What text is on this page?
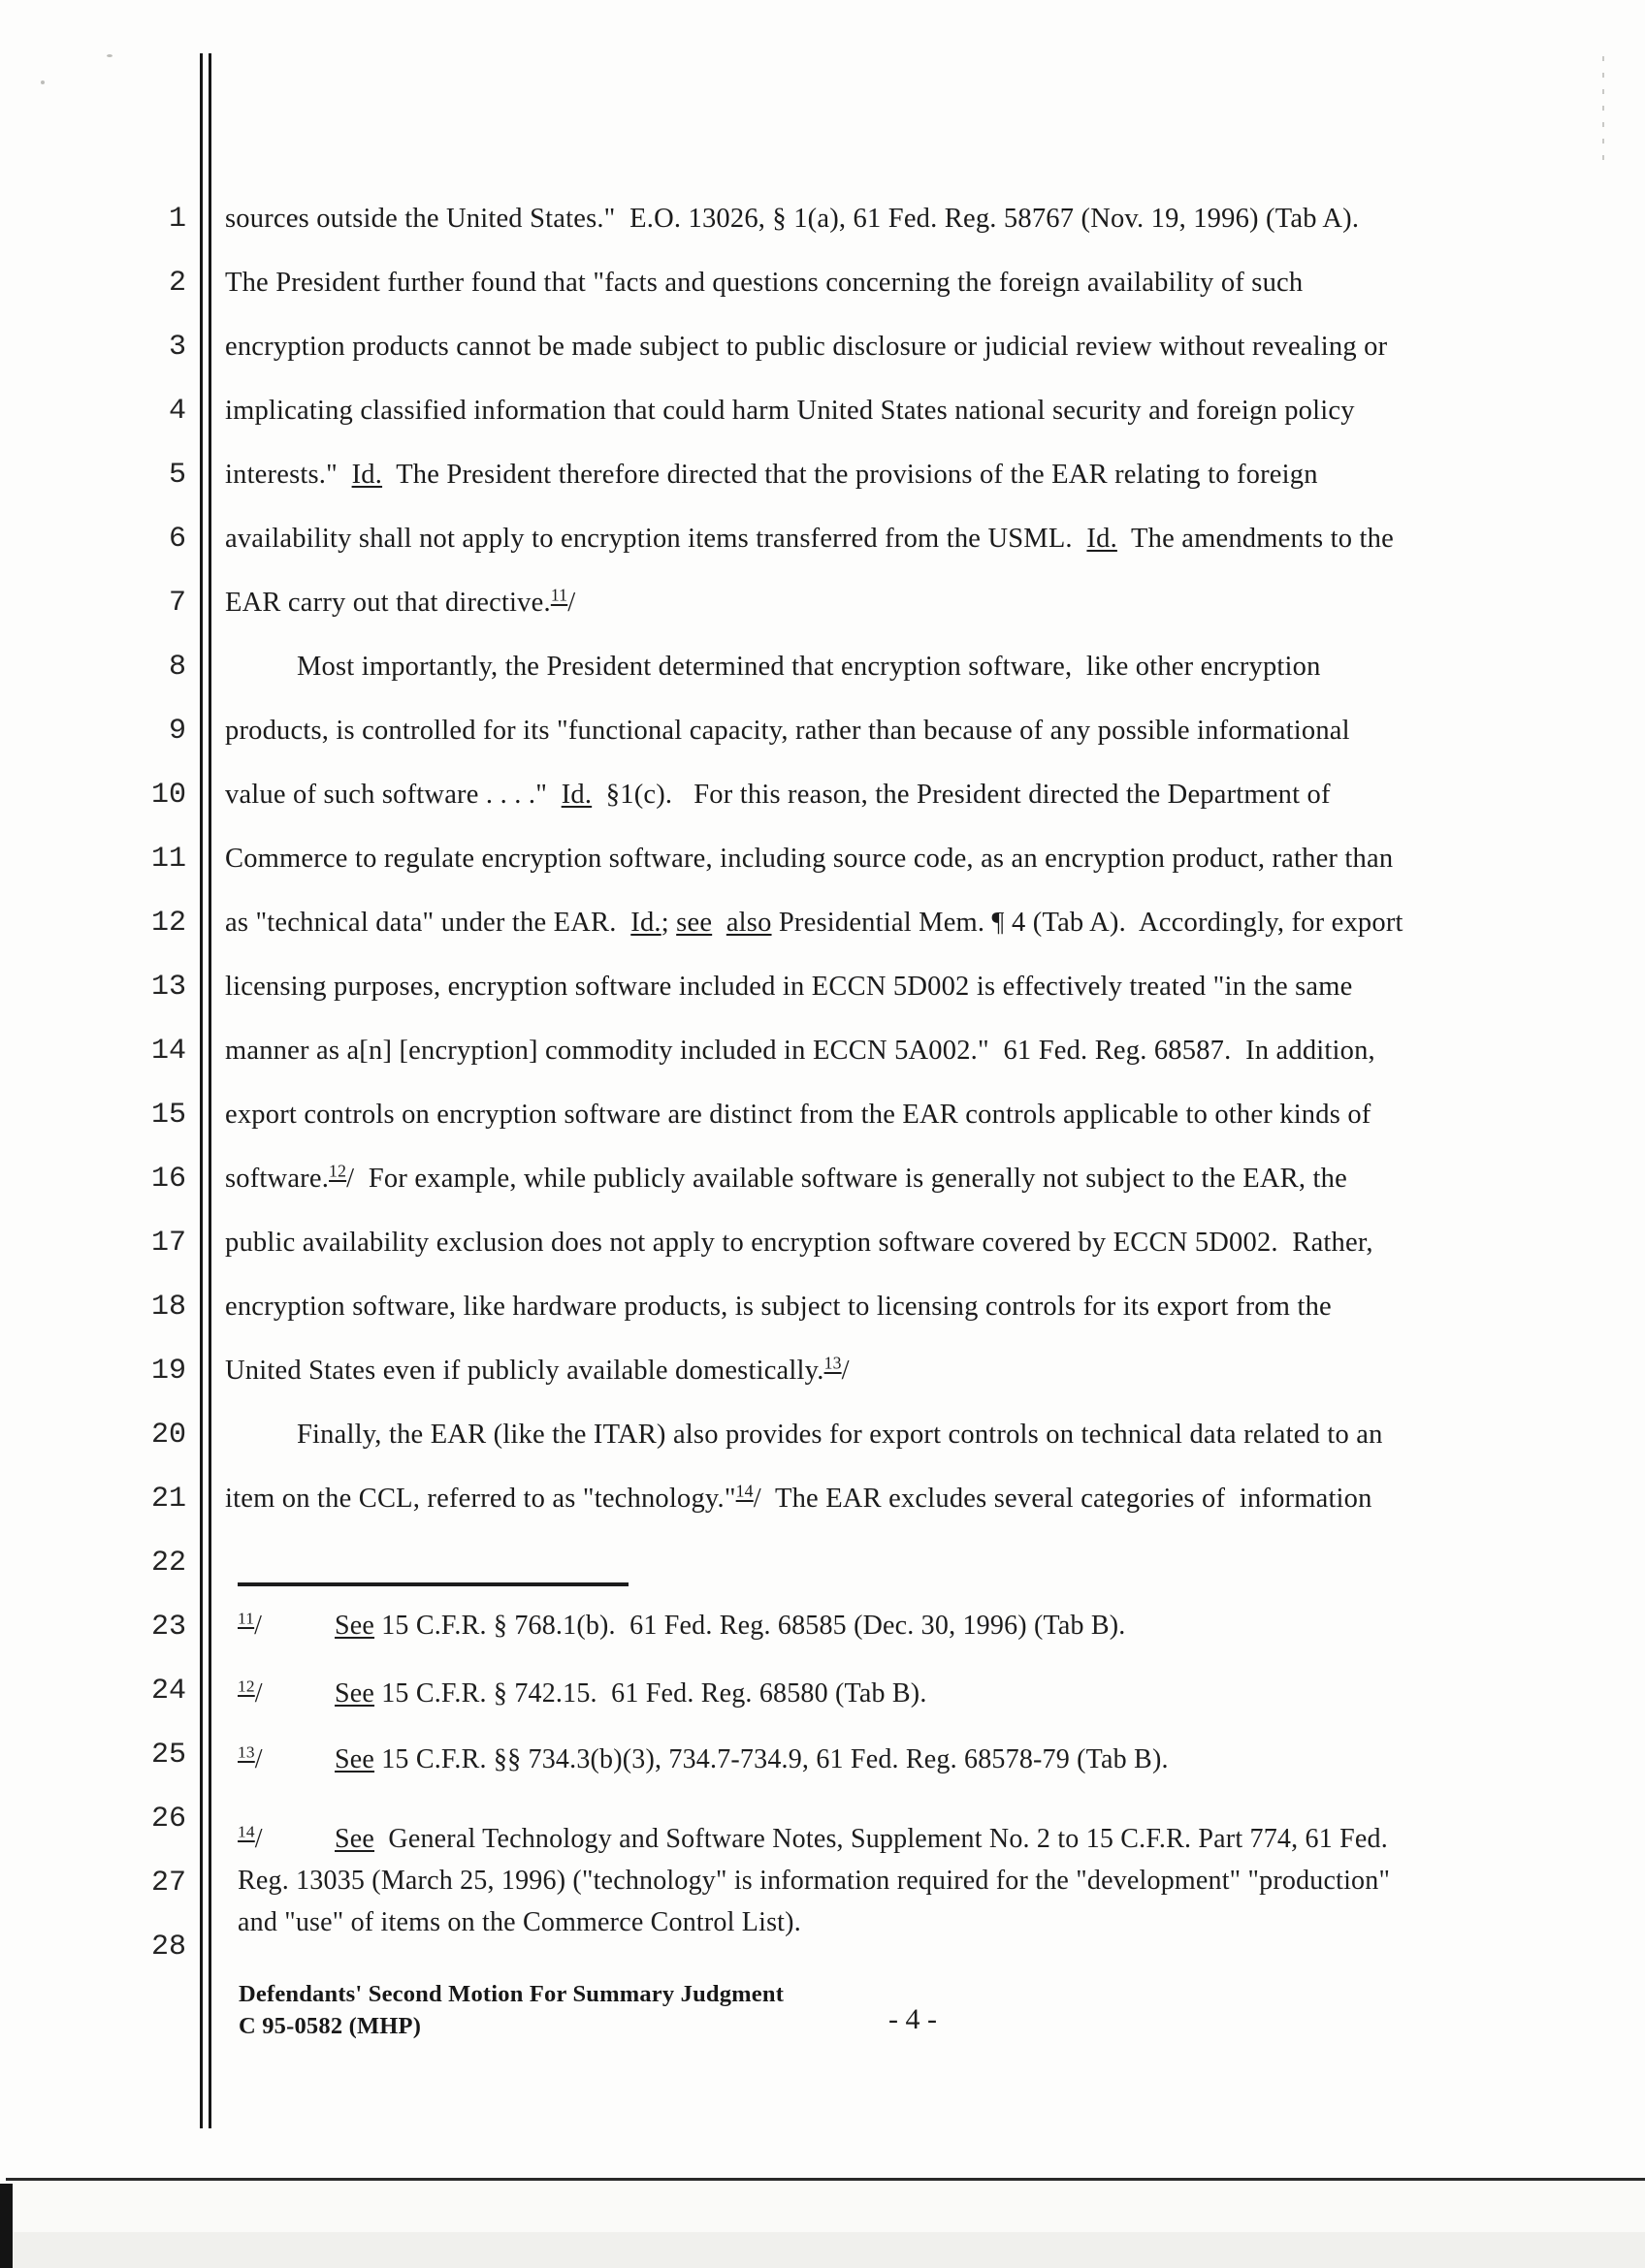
1
2
3
4
5
6
7
8
9
10
11
12
13
14
15
16
17
18
19
20
21
22
23
24
25
26
27
28
sources outside the United States."  E.O. 13026, § 1(a), 61 Fed. Reg. 58767 (Nov. 19, 1996) (Tab A).
The President further found that "facts and questions concerning the foreign availability of such
encryption products cannot be made subject to public disclosure or judicial review without revealing or
implicating classified information that could harm United States national security and foreign policy
interests."  Id.  The President therefore directed that the provisions of the EAR relating to foreign
availability shall not apply to encryption items transferred from the USML.  Id.  The amendments to the
EAR carry out that directive.$^{11}$/
Most importantly, the President determined that encryption software,  like other encryption
products, is controlled for its "functional capacity, rather than because of any possible informational
value of such software . . . ."  Id.  §1(c).   For this reason, the President directed the Department of
Commerce to regulate encryption software, including source code, as an encryption product, rather than
as "technical data" under the EAR.  Id.; see also Presidential Mem. ¶ 4 (Tab A).  Accordingly, for export
licensing purposes, encryption software included in ECCN 5D002 is effectively treated "in the same
manner as a[n] [encryption] commodity included in ECCN 5A002."  61 Fed. Reg. 68587.  In addition,
export controls on encryption software are distinct from the EAR controls applicable to other kinds of
software.$^{12}$/  For example, while publicly available software is generally not subject to the EAR, the
public availability exclusion does not apply to encryption software covered by ECCN 5D002.  Rather,
encryption software, like hardware products, is subject to licensing controls for its export from the
United States even if publicly available domestically.$^{13}$/
Finally, the EAR (like the ITAR) also provides for export controls on technical data related to an
item on the CCL, referred to as "technology."$^{14}$/  The EAR excludes several categories of  information
$^{11}$/	See 15 C.F.R. § 768.1(b).  61 Fed. Reg. 68585 (Dec. 30, 1996) (Tab B).
$^{12}$/	See 15 C.F.R. § 742.15.  61 Fed. Reg. 68580 (Tab B).
$^{13}$/	See 15 C.F.R. §§ 734.3(b)(3), 734.7-734.9, 61 Fed. Reg. 68578-79 (Tab B).
$^{14}$/	See  General Technology and Software Notes, Supplement No. 2 to 15 C.F.R. Part 774, 61 Fed.
Reg. 13035 (March 25, 1996) ("technology" is information required for the "development" "production"
and "use" of items on the Commerce Control List).
Defendants' Second Motion For Summary Judgment
C 95-0582 (MHP)	- 4 -
